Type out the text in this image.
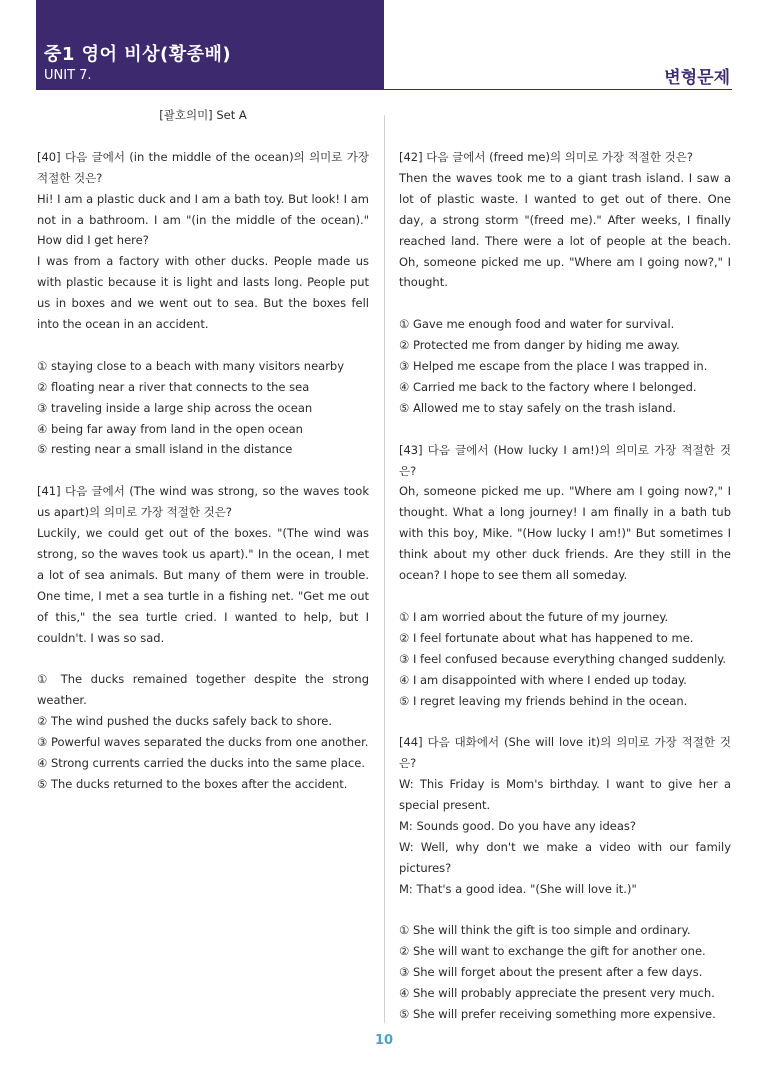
중1 영어 비상(황종배)
UNIT 7.	변형문제

[괄호의미] Set A

[40] 다음 글에서 (in the middle of the ocean)의 의미로 가장 적절한 것은?

Hi! I am a plastic duck and I am a bath toy. But look! I am not in a bathroom. I am "(in the middle of the ocean)." How did I get here?

I was from a factory with other ducks. People made us with plastic because it is light and lasts long. People put us in boxes and we went out to sea. But the boxes fell into the ocean in an accident.

① staying close to a beach with many visitors nearby

② floating near a river that connects to the sea

③ traveling inside a large ship across the ocean

④ being far away from land in the open ocean

⑤ resting near a small island in the distance

[41] 다음 글에서 (The wind was strong, so the waves took us apart)의 의미로 가장 적절한 것은?

Luckily, we could get out of the boxes. "(The wind was strong, so the waves took us apart)." In the ocean, I met a lot of sea animals. But many of them were in trouble. One time, I met a sea turtle in a fishing net. "Get me out of this," the sea turtle cried. I wanted to help, but I couldn't. I was so sad.

① The ducks remained together despite the strong weather.

② The wind pushed the ducks safely back to shore.

③ Powerful waves separated the ducks from one another.

④ Strong currents carried the ducks into the same place.

⑤ The ducks returned to the boxes after the accident.

[42] 다음 글에서 (freed me)의 의미로 가장 적절한 것은?

Then the waves took me to a giant trash island. I saw a lot of plastic waste. I wanted to get out of there. One day, a strong storm "(freed me)." After weeks, I finally reached land. There were a lot of people at the beach. Oh, someone picked me up. "Where am I going now?," I thought.

① Gave me enough food and water for survival.

② Protected me from danger by hiding me away.

③ Helped me escape from the place I was trapped in.

④ Carried me back to the factory where I belonged.

⑤ Allowed me to stay safely on the trash island.

[43] 다음 글에서 (How lucky I am!)의 의미로 가장 적절한 것은?

Oh, someone picked me up. "Where am I going now?," I thought. What a long journey! I am finally in a bath tub with this boy, Mike. "(How lucky I am!)" But sometimes I think about my other duck friends. Are they still in the ocean? I hope to see them all someday.

① I am worried about the future of my journey.

② I feel fortunate about what has happened to me.

③ I feel confused because everything changed suddenly.

④ I am disappointed with where I ended up today.

⑤ I regret leaving my friends behind in the ocean.

[44] 다음 대화에서 (She will love it)의 의미로 가장 적절한 것은?

W: This Friday is Mom's birthday. I want to give her a special present.

M: Sounds good. Do you have any ideas?

W: Well, why don't we make a video with our family pictures?

M: That's a good idea. "(She will love it.)"

① She will think the gift is too simple and ordinary.

② She will want to exchange the gift for another one.

③ She will forget about the present after a few days.

④ She will probably appreciate the present very much.

⑤ She will prefer receiving something more expensive.

10
